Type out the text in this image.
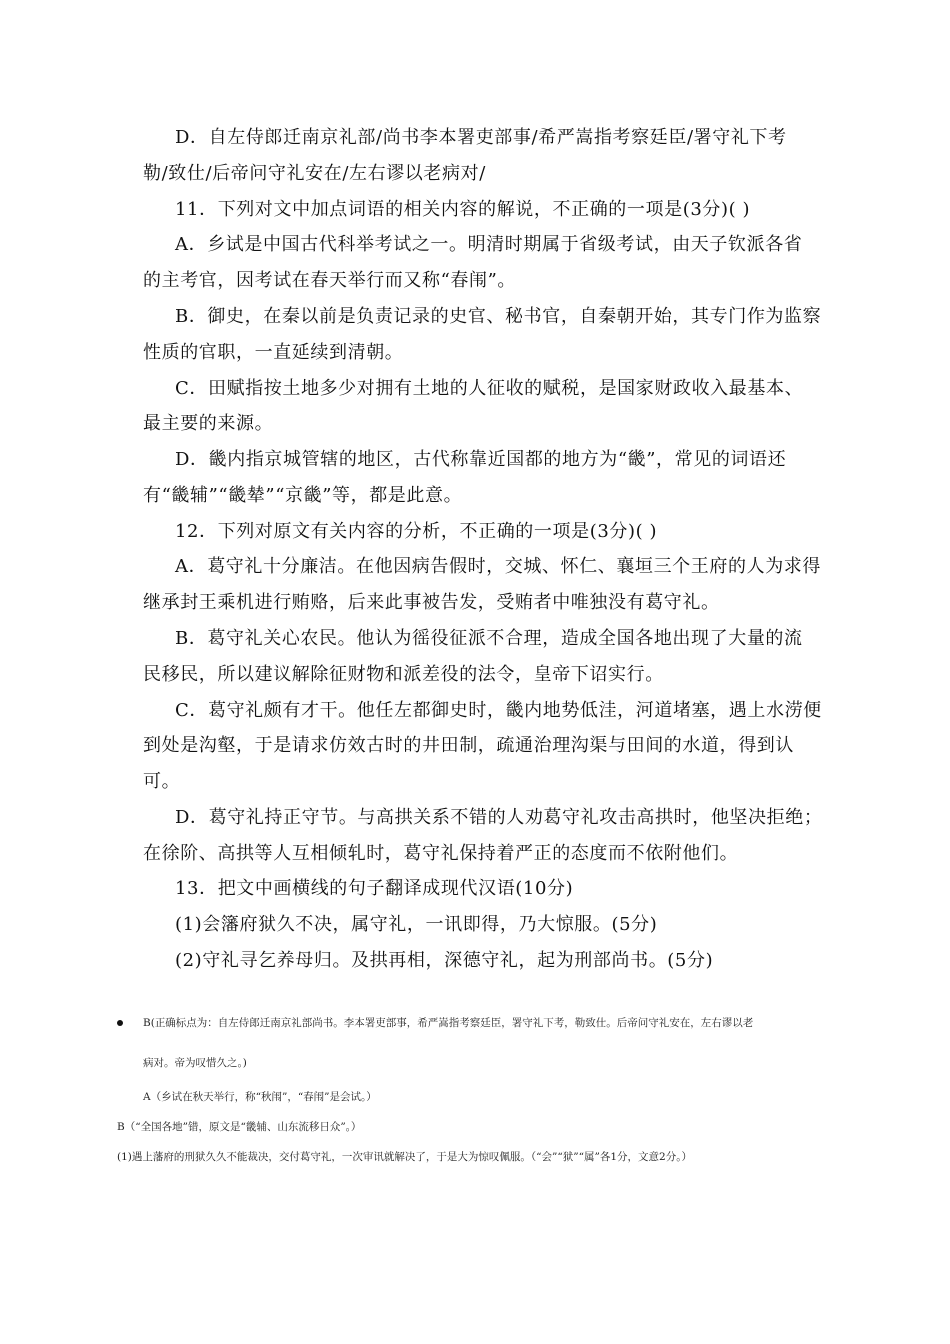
D．自左侍郎迁南京礼部/尚书李本署吏部事/希严嵩指考察廷臣/署守礼下考
勒/致仕/后帝问守礼安在/左右谬以老病对/
11．下列对文中加点词语的相关内容的解说，不正确的一项是(3分)( )
A．乡试是中国古代科举考试之一。明清时期属于省级考试，由天子钦派各省
的主考官，因考试在春天举行而又称“春闱”。
B．御史，在秦以前是负责记录的史官、秘书官，自秦朝开始，其专门作为监察
性质的官职，一直延续到清朝。
C．田赋指按土地多少对拥有土地的人征收的赋税，是国家财政收入最基本、
最主要的来源。
D．畿内指京城管辖的地区，古代称靠近国都的地方为“畿”，常见的词语还
有“畿辅”“畿辇”“京畿”等，都是此意。
12．下列对原文有关内容的分析，不正确的一项是(3分)( )
A．葛守礼十分廉洁。在他因病告假时，交城、怀仁、襄垣三个王府的人为求得
继承封王乘机进行贿赂，后来此事被告发，受贿者中唯独没有葛守礼。
B．葛守礼关心农民。他认为徭役征派不合理，造成全国各地出现了大量的流
民移民，所以建议解除征财物和派差役的法令，皇帝下诏实行。
C．葛守礼颇有才干。他任左都御史时，畿内地势低洼，河道堵塞，遇上水涝便
到处是沟壑，于是请求仿效古时的井田制，疏通治理沟渠与田间的水道，得到认
可。
D．葛守礼持正守节。与高拱关系不错的人劝葛守礼攻击高拱时，他坚决拒绝；
在徐阶、高拱等人互相倾轧时，葛守礼保持着严正的态度而不依附他们。
13．把文中画横线的句子翻译成现代汉语(10分)
(1)会籓府狱久不决，属守礼，一讯即得，乃大惊服。(5分)
(2)守礼寻乞养母归。及拱再相，深德守礼，起为刑部尚书。(5分)
B(正确标点为：自左侍郎迁南京礼部尚书。李本署吏部事，希严嵩指考察廷臣，署守礼下考，勒致仕。后帝问守礼安在，左右谬以老
病对。帝为叹惜久之。)
A（乡试在秋天举行，称“秋闱”，“春闱”是会试。）
B（“全国各地”错，原文是“畿辅、山东流移日众”。）
(1)遇上藩府的刑狱久久不能裁决，交付葛守礼，一次审讯就解决了，于是大为惊叹佩服。（“会”“狱”“属”各1分，文意2分。）
